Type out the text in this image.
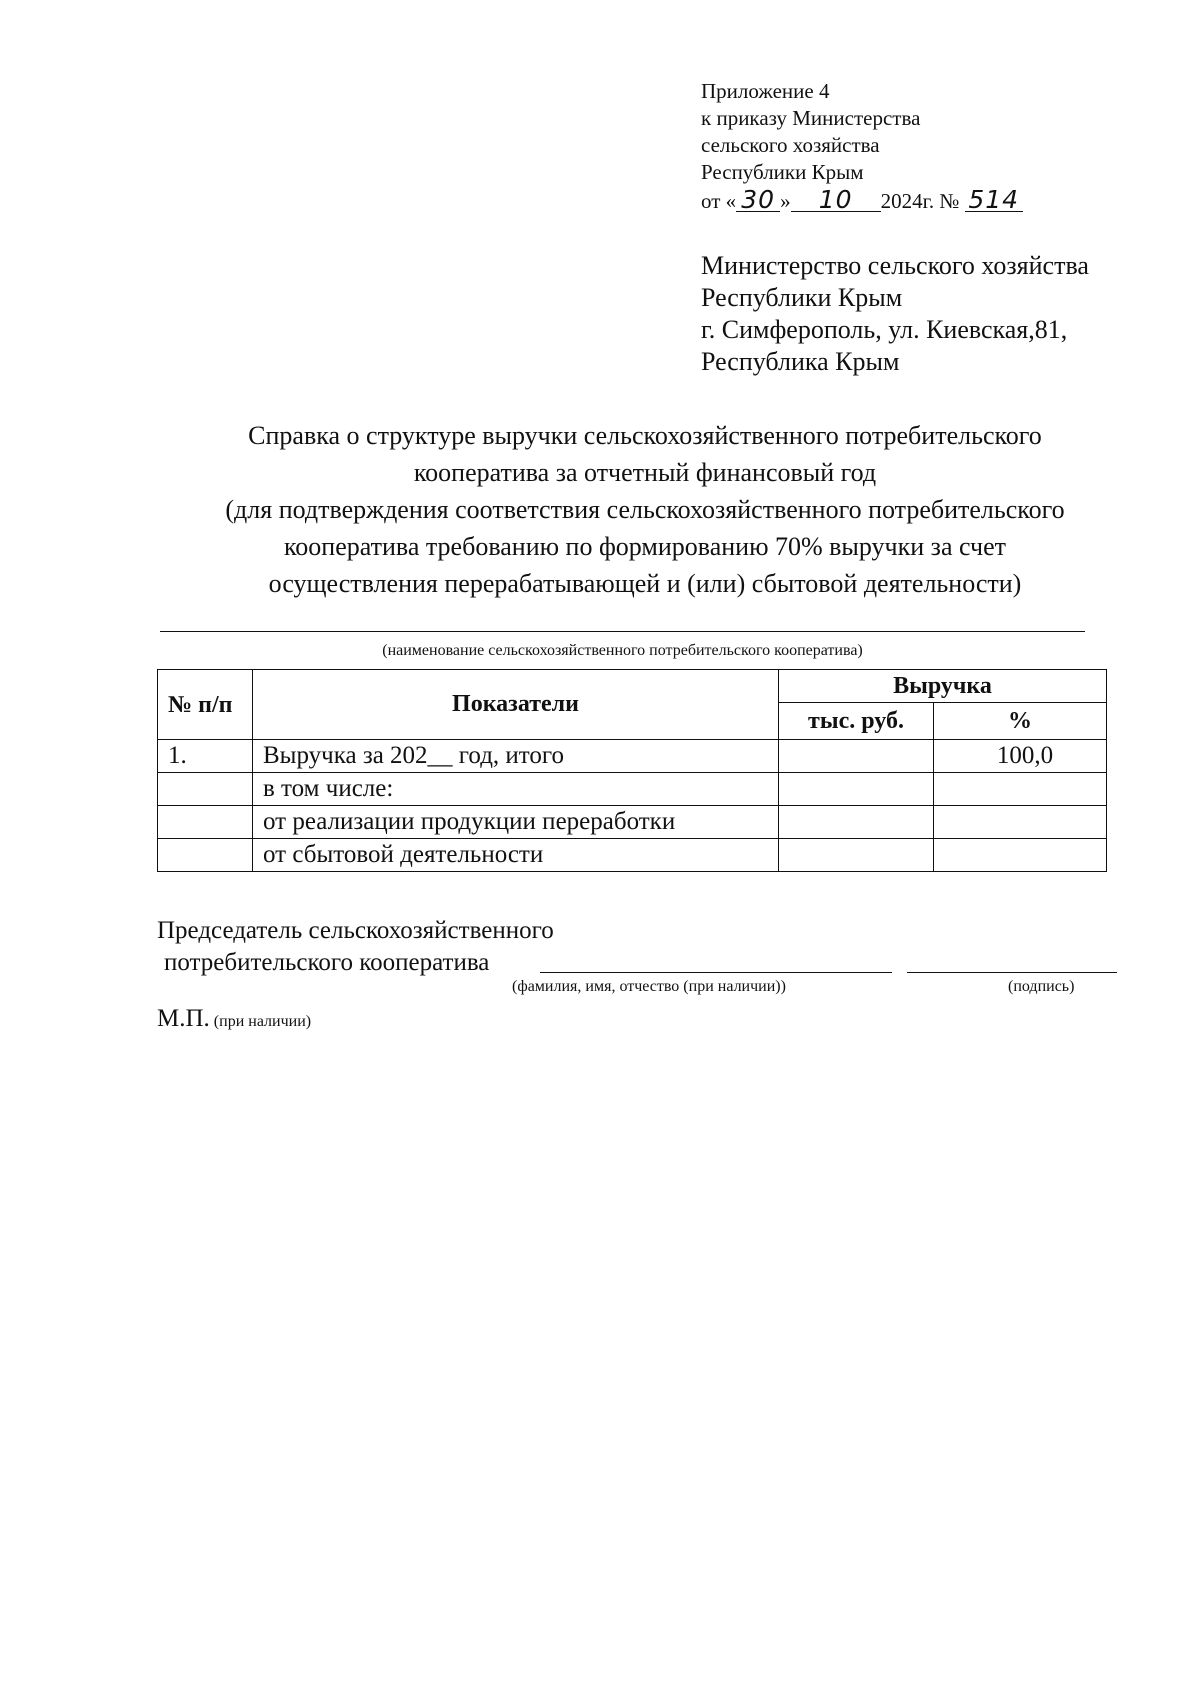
Приложение 4
к приказу Министерства
сельского хозяйства
Республики Крым
от « 30 » 10 2024г. № 514
Министерство сельского хозяйства
Республики Крым
г. Симферополь, ул. Киевская,81,
Республика Крым
Справка о структуре выручки сельскохозяйственного потребительского
кооператива за отчетный финансовый год
(для подтверждения соответствия сельскохозяйственного потребительского
кооператива требованию по формированию 70% выручки за счет
осуществления перерабатывающей и (или) сбытовой деятельности)
(наименование сельскохозяйственного потребительского кооператива)
№ п/п	Показатели	Выручка	
		тыс. руб.	%
1.	Выручка за 202__ год, итого		100,0
	в том числе:		
	от реализации продукции переработки		
	от сбытовой деятельности		
Председатель сельскохозяйственного
потребительского кооператива
(фамилия, имя, отчество (при наличии))	(подпись)
М.П. (при наличии)
